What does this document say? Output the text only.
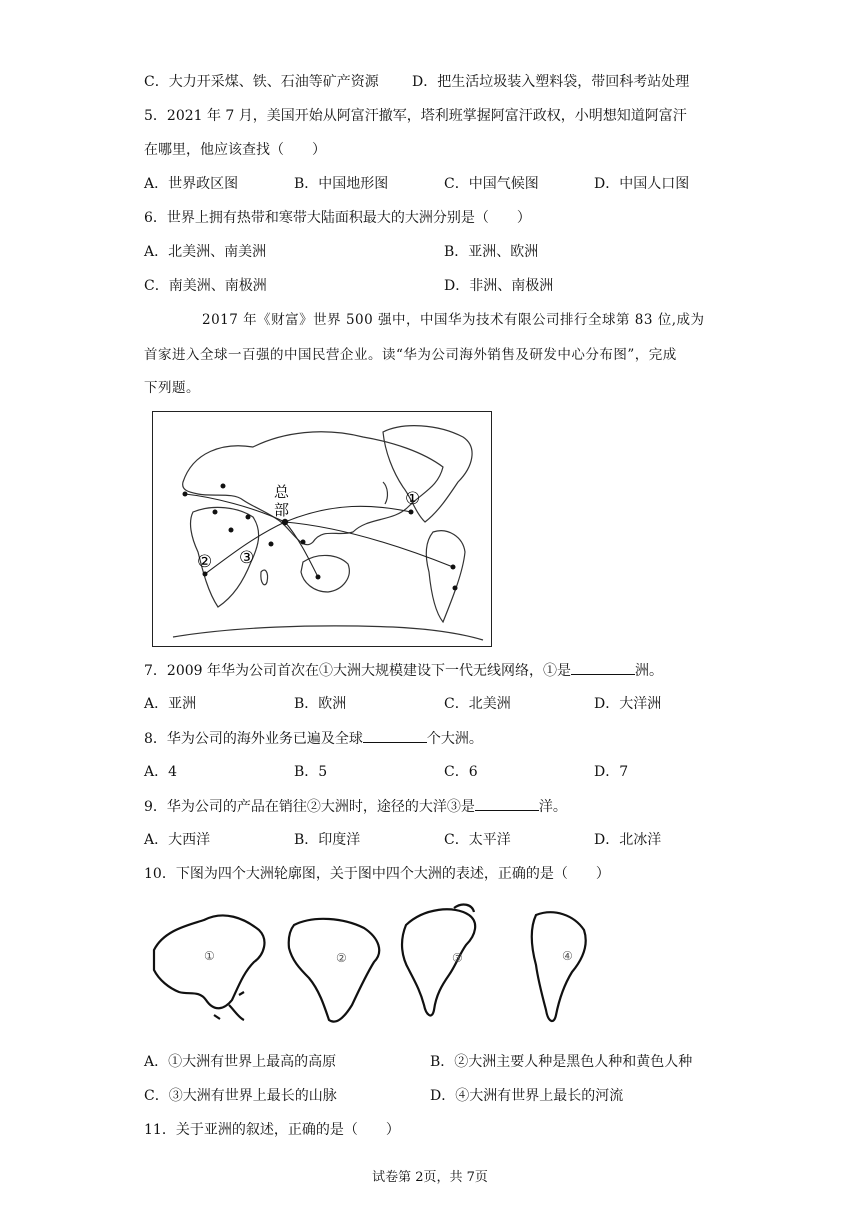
C．大力开采煤、铁、石油等矿产资源 D．把生活垃圾装入塑料袋，带回科考站处理
5．2021 年 7 月，美国开始从阿富汗撤军，塔利班掌握阿富汗政权，小明想知道阿富汗
在哪里，他应该查找（　　）
A．世界政区图	B．中国地形图	C．中国气候图	D．中国人口图
6．世界上拥有热带和寒带大陆面积最大的大洲分别是（　　）
A．北美洲、南美洲	B．亚洲、欧洲
C．南美洲、南极洲	D．非洲、南极洲
2017 年《财富》世界 500 强中，中国华为技术有限公司排行全球第 83 位,成为
首家进入全球一百强的中国民营企业。读“华为公司海外销售及研发中心分布图”，完成
下列题。
总
部
①
② ③
7．2009 年华为公司首次在①大洲大规模建设下一代无线网络，①是	洲。
A．亚洲	B．欧洲	C．北美洲	D．大洋洲
8．华为公司的海外业务已遍及全球	个大洲。
A．4	B．5	C．6	D．7
9．华为公司的产品在销往②大洲时，途径的大洋③是	洋。
A．大西洋	B．印度洋	C．太平洋	D．北冰洋
10．下图为四个大洲轮廓图，关于图中四个大洲的表述，正确的是（　　）
①	②	③	④
A．①大洲有世界上最高的高原	B．②大洲主要人种是黑色人种和黄色人种
C．③大洲有世界上最长的山脉	D．④大洲有世界上最长的河流
11．关于亚洲的叙述，正确的是（　　）
试卷第 2页，共 7页
